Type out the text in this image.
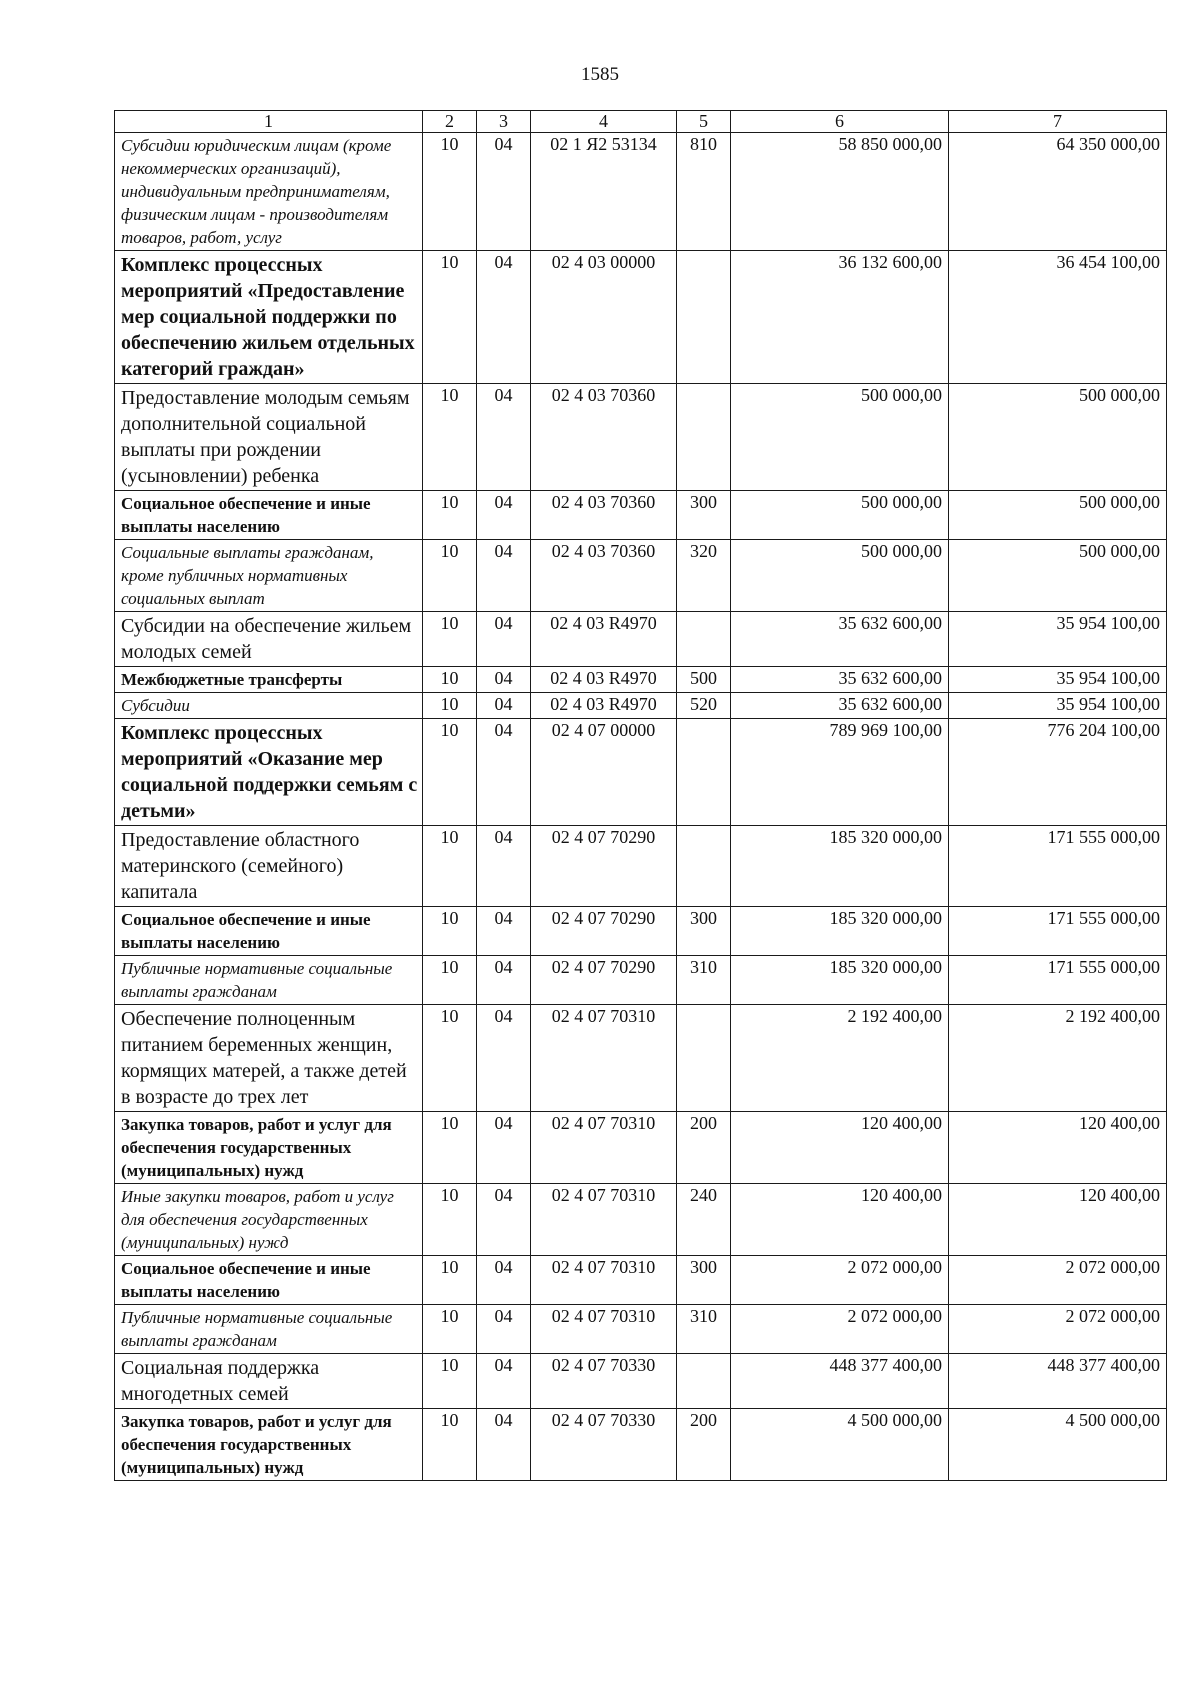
1585
1	2	3	4	5	6	7
Субсидии юридическим лицам (кроме некоммерческих организаций), индивидуальным предпринимателям, физическим лицам - производителям товаров, работ, услуг	10	04	02 1 Я2 53134	810	58 850 000,00	64 350 000,00
Комплекс процессных мероприятий «Предоставление мер социальной поддержки по обеспечению жильем отдельных категорий граждан»	10	04	02 4 03 00000		36 132 600,00	36 454 100,00
Предоставление молодым семьям дополнительной социальной выплаты при рождении (усыновлении) ребенка	10	04	02 4 03 70360		500 000,00	500 000,00
Социальное обеспечение и иные выплаты населению	10	04	02 4 03 70360	300	500 000,00	500 000,00
Социальные выплаты гражданам, кроме публичных нормативных социальных выплат	10	04	02 4 03 70360	320	500 000,00	500 000,00
Субсидии на обеспечение жильем молодых семей	10	04	02 4 03 R4970		35 632 600,00	35 954 100,00
Межбюджетные трансферты	10	04	02 4 03 R4970	500	35 632 600,00	35 954 100,00
Субсидии	10	04	02 4 03 R4970	520	35 632 600,00	35 954 100,00
Комплекс процессных мероприятий «Оказание мер социальной поддержки семьям с детьми»	10	04	02 4 07 00000		789 969 100,00	776 204 100,00
Предоставление областного материнского (семейного) капитала	10	04	02 4 07 70290		185 320 000,00	171 555 000,00
Социальное обеспечение и иные выплаты населению	10	04	02 4 07 70290	300	185 320 000,00	171 555 000,00
Публичные нормативные социальные выплаты гражданам	10	04	02 4 07 70290	310	185 320 000,00	171 555 000,00
Обеспечение полноценным питанием беременных женщин, кормящих матерей, а также детей в возрасте до трех лет	10	04	02 4 07 70310		2 192 400,00	2 192 400,00
Закупка товаров, работ и услуг для обеспечения государственных (муниципальных) нужд	10	04	02 4 07 70310	200	120 400,00	120 400,00
Иные закупки товаров, работ и услуг для обеспечения государственных (муниципальных) нужд	10	04	02 4 07 70310	240	120 400,00	120 400,00
Социальное обеспечение и иные выплаты населению	10	04	02 4 07 70310	300	2 072 000,00	2 072 000,00
Публичные нормативные социальные выплаты гражданам	10	04	02 4 07 70310	310	2 072 000,00	2 072 000,00
Социальная поддержка многодетных семей	10	04	02 4 07 70330		448 377 400,00	448 377 400,00
Закупка товаров, работ и услуг для обеспечения государственных (муниципальных) нужд	10	04	02 4 07 70330	200	4 500 000,00	4 500 000,00
